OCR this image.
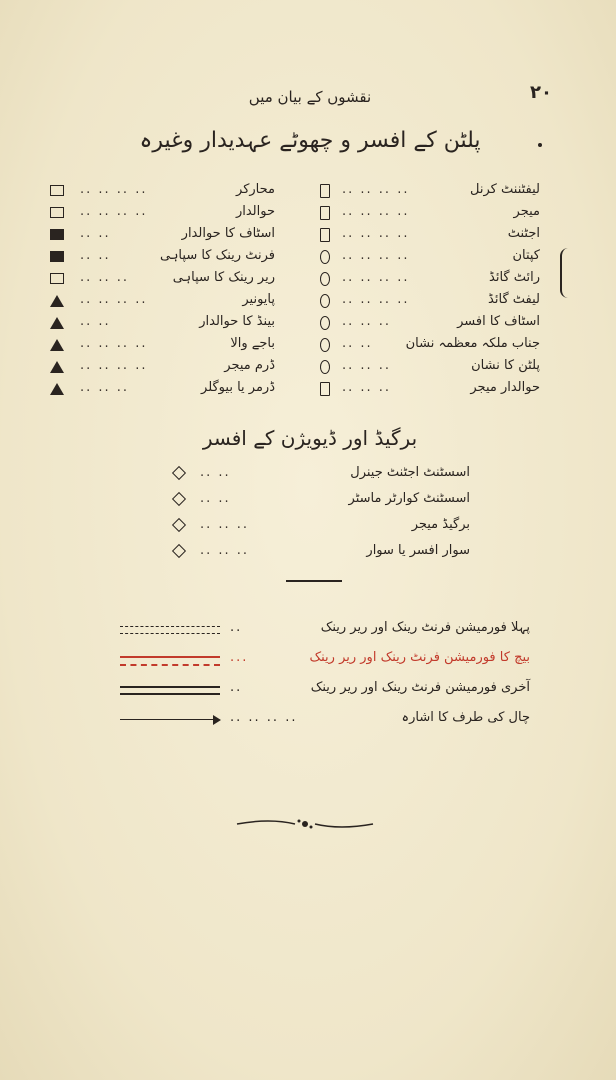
۲۰
نقشوں کے بیان میں
پلٹن کے افسر و چھوٹے عہدیدار وغیرہ
لیفٹننٹ کرنل
.. .. .. ..
میجر
.. .. .. ..
اجٹنٹ
.. .. .. ..
کپتان
.. .. .. ..
رائٹ گائڈ
.. .. .. ..
لیفٹ گائڈ
.. .. .. ..
اسٹاف کا افسر
.. .. ..
جناب ملکہ معظمہ نشان
.. ..
پلٹن کا نشان
.. .. ..
حوالدار میجر
.. .. ..
محارکر
.. .. .. ..
حوالدار
.. .. .. ..
اسٹاف کا حوالدار
.. ..
فرنٹ رینک کا سپاہی
.. ..
ریر رینک کا سپاہی
.. .. ..
پایونیر
.. .. .. ..
بینڈ کا حوالدار
.. ..
باجے والا
.. .. .. ..
ڈرم میجر
.. .. .. ..
ڈرمر یا بیوگلر
.. .. ..
برگیڈ اور ڈیویژن کے افسر
اسسٹنٹ اجٹنٹ جینرل
.. ..
اسسٹنٹ کوارٹر ماسٹر
.. ..
برگیڈ میجر
.. .. ..
سوار افسر یا سوار
.. .. ..
پہلا فورمیشن فرنٹ رینک اور ریر رینک
..
بیچ کا فورمیشن فرنٹ رینک اور ریر رینک
...
آخری فورمیشن فرنٹ رینک اور ریر رینک
..
چال کی طرف کا اشارہ
.. .. .. ..
